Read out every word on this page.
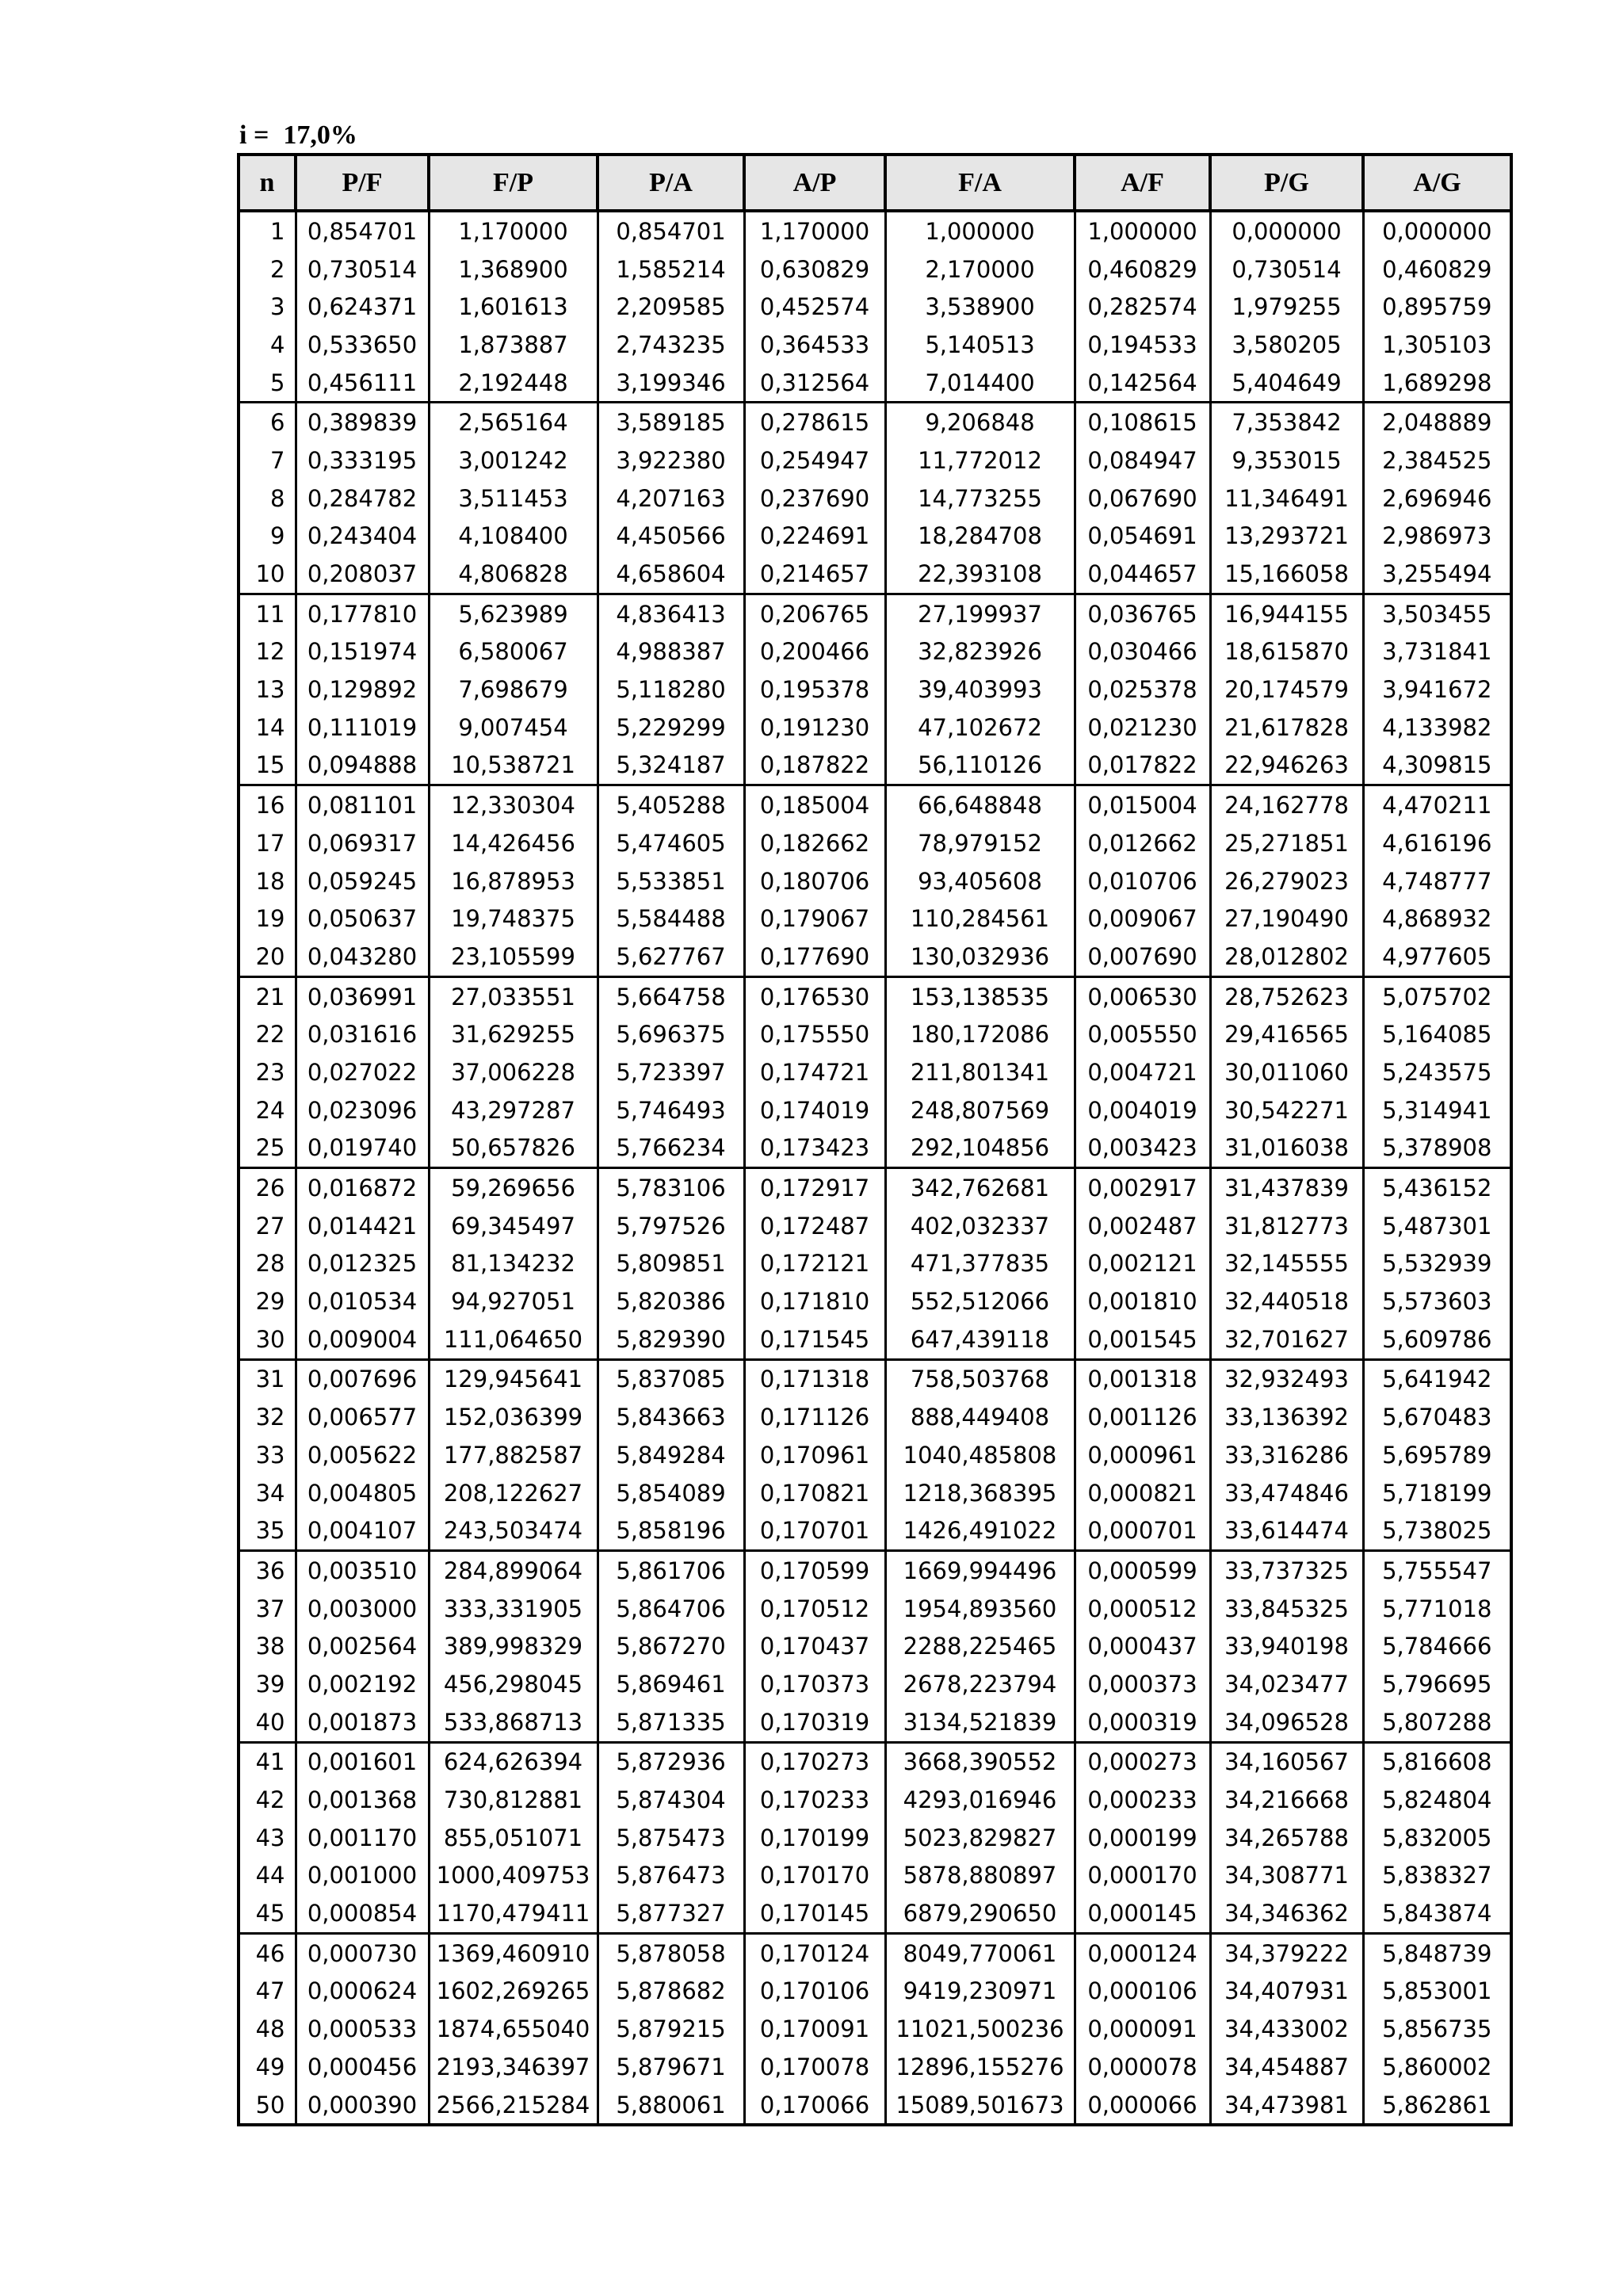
i = 17,0%
n	P/F	F/P	P/A	A/P	F/A	A/F	P/G	A/G
1	0,854701	1,170000	0,854701	1,170000	1,000000	1,000000	0,000000	0,000000
2	0,730514	1,368900	1,585214	0,630829	2,170000	0,460829	0,730514	0,460829
3	0,624371	1,601613	2,209585	0,452574	3,538900	0,282574	1,979255	0,895759
4	0,533650	1,873887	2,743235	0,364533	5,140513	0,194533	3,580205	1,305103
5	0,456111	2,192448	3,199346	0,312564	7,014400	0,142564	5,404649	1,689298
6	0,389839	2,565164	3,589185	0,278615	9,206848	0,108615	7,353842	2,048889
7	0,333195	3,001242	3,922380	0,254947	11,772012	0,084947	9,353015	2,384525
8	0,284782	3,511453	4,207163	0,237690	14,773255	0,067690	11,346491	2,696946
9	0,243404	4,108400	4,450566	0,224691	18,284708	0,054691	13,293721	2,986973
10	0,208037	4,806828	4,658604	0,214657	22,393108	0,044657	15,166058	3,255494
11	0,177810	5,623989	4,836413	0,206765	27,199937	0,036765	16,944155	3,503455
12	0,151974	6,580067	4,988387	0,200466	32,823926	0,030466	18,615870	3,731841
13	0,129892	7,698679	5,118280	0,195378	39,403993	0,025378	20,174579	3,941672
14	0,111019	9,007454	5,229299	0,191230	47,102672	0,021230	21,617828	4,133982
15	0,094888	10,538721	5,324187	0,187822	56,110126	0,017822	22,946263	4,309815
16	0,081101	12,330304	5,405288	0,185004	66,648848	0,015004	24,162778	4,470211
17	0,069317	14,426456	5,474605	0,182662	78,979152	0,012662	25,271851	4,616196
18	0,059245	16,878953	5,533851	0,180706	93,405608	0,010706	26,279023	4,748777
19	0,050637	19,748375	5,584488	0,179067	110,284561	0,009067	27,190490	4,868932
20	0,043280	23,105599	5,627767	0,177690	130,032936	0,007690	28,012802	4,977605
21	0,036991	27,033551	5,664758	0,176530	153,138535	0,006530	28,752623	5,075702
22	0,031616	31,629255	5,696375	0,175550	180,172086	0,005550	29,416565	5,164085
23	0,027022	37,006228	5,723397	0,174721	211,801341	0,004721	30,011060	5,243575
24	0,023096	43,297287	5,746493	0,174019	248,807569	0,004019	30,542271	5,314941
25	0,019740	50,657826	5,766234	0,173423	292,104856	0,003423	31,016038	5,378908
26	0,016872	59,269656	5,783106	0,172917	342,762681	0,002917	31,437839	5,436152
27	0,014421	69,345497	5,797526	0,172487	402,032337	0,002487	31,812773	5,487301
28	0,012325	81,134232	5,809851	0,172121	471,377835	0,002121	32,145555	5,532939
29	0,010534	94,927051	5,820386	0,171810	552,512066	0,001810	32,440518	5,573603
30	0,009004	111,064650	5,829390	0,171545	647,439118	0,001545	32,701627	5,609786
31	0,007696	129,945641	5,837085	0,171318	758,503768	0,001318	32,932493	5,641942
32	0,006577	152,036399	5,843663	0,171126	888,449408	0,001126	33,136392	5,670483
33	0,005622	177,882587	5,849284	0,170961	1040,485808	0,000961	33,316286	5,695789
34	0,004805	208,122627	5,854089	0,170821	1218,368395	0,000821	33,474846	5,718199
35	0,004107	243,503474	5,858196	0,170701	1426,491022	0,000701	33,614474	5,738025
36	0,003510	284,899064	5,861706	0,170599	1669,994496	0,000599	33,737325	5,755547
37	0,003000	333,331905	5,864706	0,170512	1954,893560	0,000512	33,845325	5,771018
38	0,002564	389,998329	5,867270	0,170437	2288,225465	0,000437	33,940198	5,784666
39	0,002192	456,298045	5,869461	0,170373	2678,223794	0,000373	34,023477	5,796695
40	0,001873	533,868713	5,871335	0,170319	3134,521839	0,000319	34,096528	5,807288
41	0,001601	624,626394	5,872936	0,170273	3668,390552	0,000273	34,160567	5,816608
42	0,001368	730,812881	5,874304	0,170233	4293,016946	0,000233	34,216668	5,824804
43	0,001170	855,051071	5,875473	0,170199	5023,829827	0,000199	34,265788	5,832005
44	0,001000	1000,409753	5,876473	0,170170	5878,880897	0,000170	34,308771	5,838327
45	0,000854	1170,479411	5,877327	0,170145	6879,290650	0,000145	34,346362	5,843874
46	0,000730	1369,460910	5,878058	0,170124	8049,770061	0,000124	34,379222	5,848739
47	0,000624	1602,269265	5,878682	0,170106	9419,230971	0,000106	34,407931	5,853001
48	0,000533	1874,655040	5,879215	0,170091	11021,500236	0,000091	34,433002	5,856735
49	0,000456	2193,346397	5,879671	0,170078	12896,155276	0,000078	34,454887	5,860002
50	0,000390	2566,215284	5,880061	0,170066	15089,501673	0,000066	34,473981	5,862861
